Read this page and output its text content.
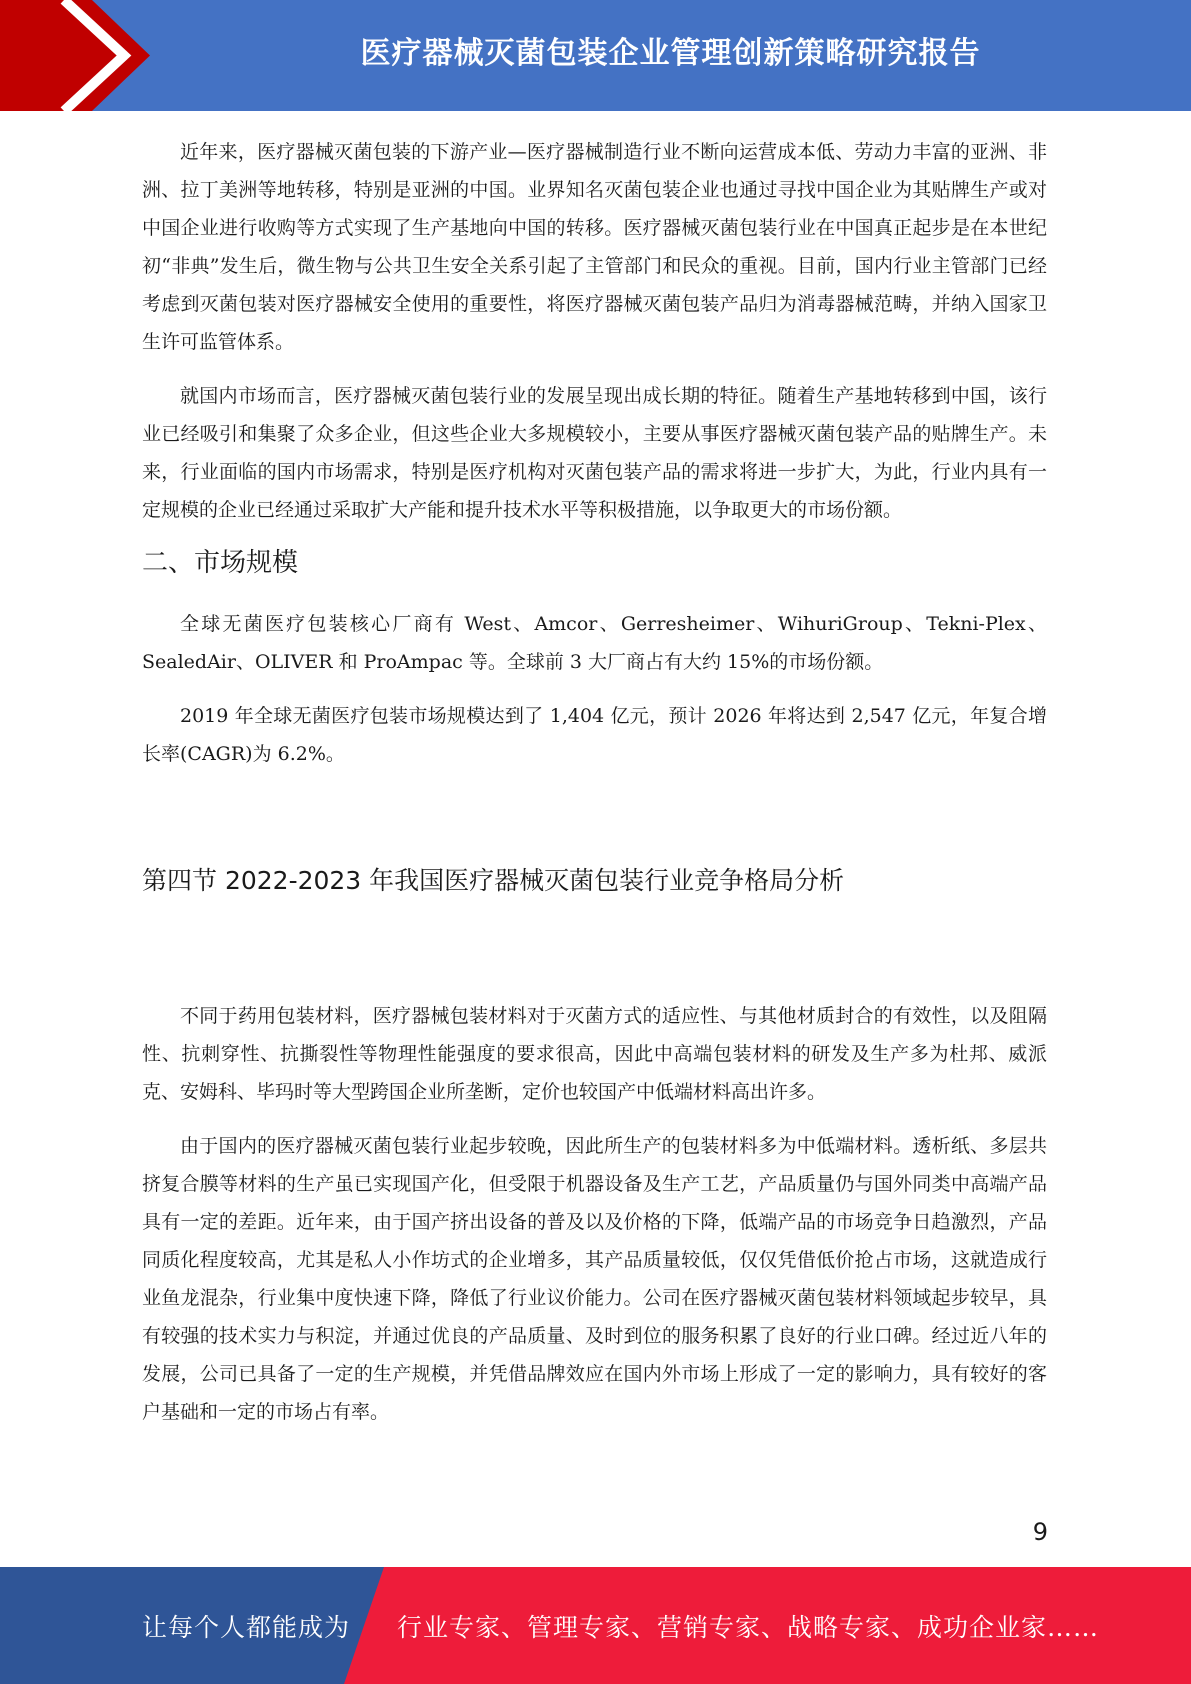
医疗器械灭菌包装企业管理创新策略研究报告

近年来，医疗器械灭菌包装的下游产业—医疗器械制造行业不断向运营成本低、劳动力丰富的亚洲、非洲、拉丁美洲等地转移，特别是亚洲的中国。业界知名灭菌包装企业也通过寻找中国企业为其贴牌生产或对中国企业进行收购等方式实现了生产基地向中国的转移。医疗器械灭菌包装行业在中国真正起步是在本世纪初“非典”发生后，微生物与公共卫生安全关系引起了主管部门和民众的重视。目前，国内行业主管部门已经考虑到灭菌包装对医疗器械安全使用的重要性，将医疗器械灭菌包装产品归为消毒器械范畴，并纳入国家卫生许可监管体系。

就国内市场而言，医疗器械灭菌包装行业的发展呈现出成长期的特征。随着生产基地转移到中国，该行业已经吸引和集聚了众多企业，但这些企业大多规模较小，主要从事医疗器械灭菌包装产品的贴牌生产。未来，行业面临的国内市场需求，特别是医疗机构对灭菌包装产品的需求将进一步扩大，为此，行业内具有一定规模的企业已经通过采取扩大产能和提升技术水平等积极措施，以争取更大的市场份额。

二、市场规模

全球无菌医疗包装核心厂商有 West、Amcor、Gerresheimer、WihuriGroup、Tekni-Plex、SealedAir、OLIVER 和 ProAmpac 等。全球前 3 大厂商占有大约 15%的市场份额。

2019 年全球无菌医疗包装市场规模达到了 1,404 亿元，预计 2026 年将达到 2,547 亿元，年复合增长率(CAGR)为 6.2%。

第四节 2022-2023 年我国医疗器械灭菌包装行业竞争格局分析

不同于药用包装材料，医疗器械包装材料对于灭菌方式的适应性、与其他材质封合的有效性，以及阻隔性、抗刺穿性、抗撕裂性等物理性能强度的要求很高，因此中高端包装材料的研发及生产多为杜邦、威派克、安姆科、毕玛时等大型跨国企业所垄断，定价也较国产中低端材料高出许多。

由于国内的医疗器械灭菌包装行业起步较晚，因此所生产的包装材料多为中低端材料。透析纸、多层共挤复合膜等材料的生产虽已实现国产化，但受限于机器设备及生产工艺，产品质量仍与国外同类中高端产品具有一定的差距。近年来，由于国产挤出设备的普及以及价格的下降，低端产品的市场竞争日趋激烈，产品同质化程度较高，尤其是私人小作坊式的企业增多，其产品质量较低，仅仅凭借低价抢占市场，这就造成行业鱼龙混杂，行业集中度快速下降，降低了行业议价能力。公司在医疗器械灭菌包装材料领域起步较早，具有较强的技术实力与积淀，并通过优良的产品质量、及时到位的服务积累了良好的行业口碑。经过近八年的发展，公司已具备了一定的生产规模，并凭借品牌效应在国内外市场上形成了一定的影响力，具有较好的客户基础和一定的市场占有率。

9
让每个人都能成为 行业专家、管理专家、营销专家、战略专家、成功企业家……
